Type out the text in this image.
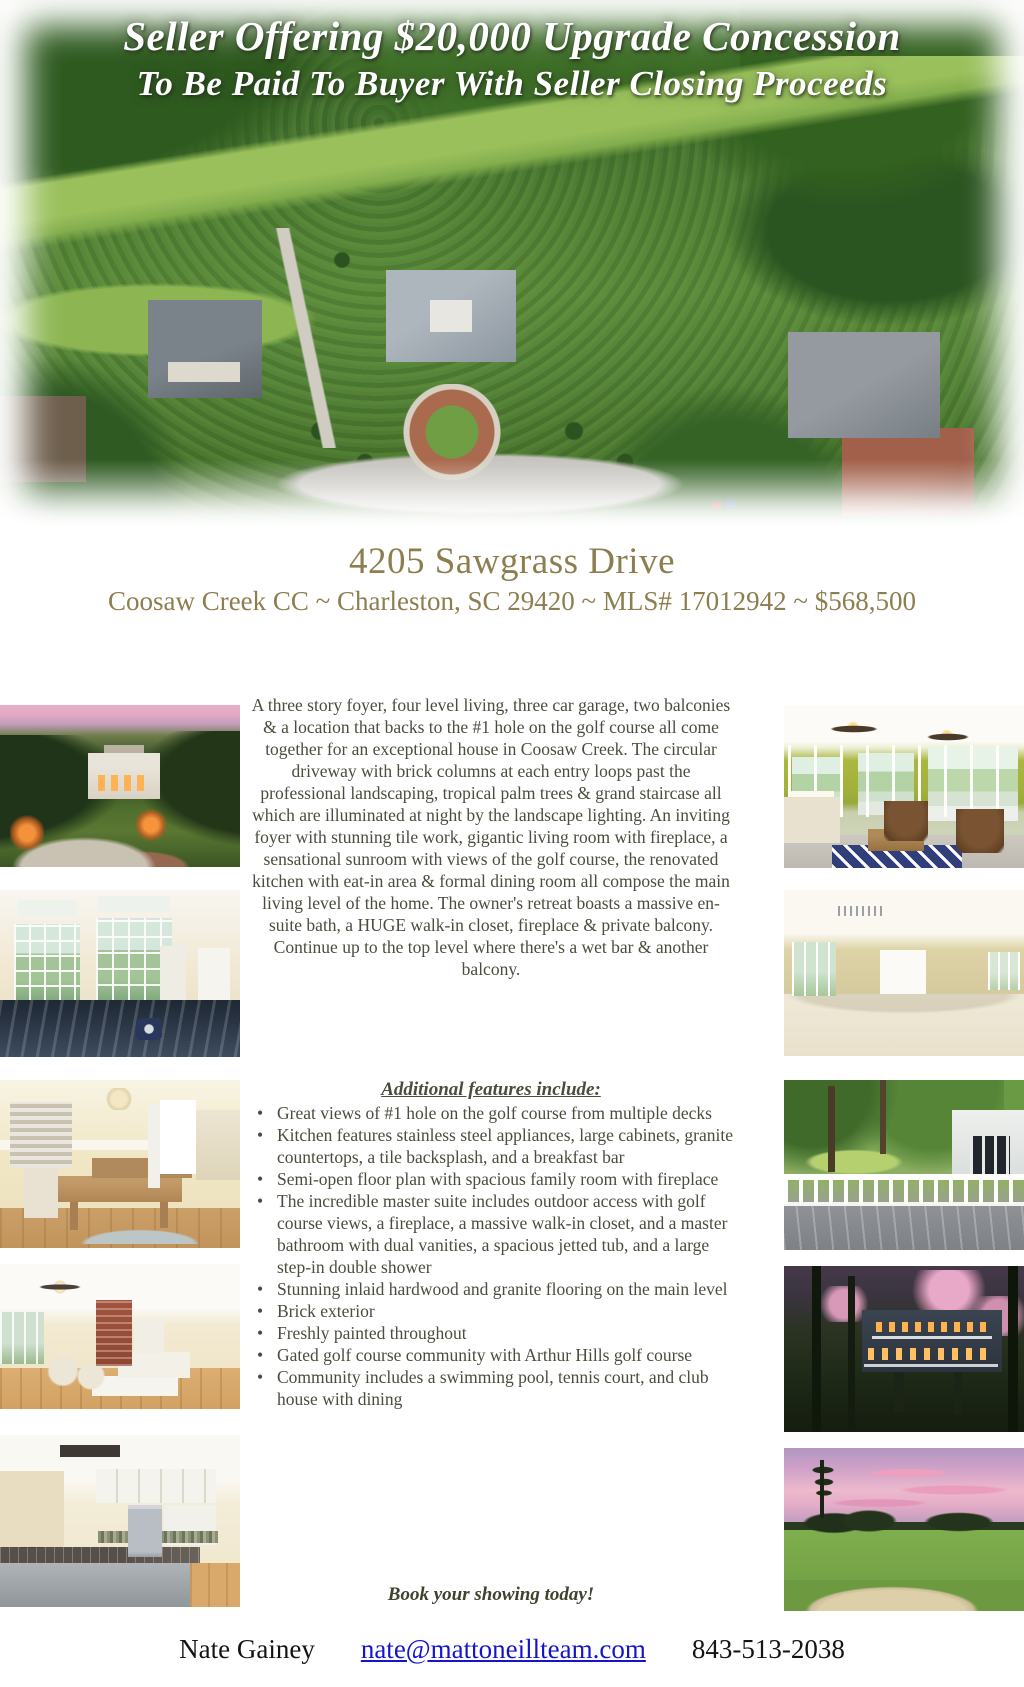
Seller Offering $20,000 Upgrade Concession
To Be Paid To Buyer With Seller Closing Proceeds
4205 Sawgrass Drive
Coosaw Creek CC ~ Charleston, SC 29420 ~ MLS# 17012942 ~ $568,500
A three story foyer, four level living, three car garage, two balconies & a location that backs to the #1 hole on the golf course all come together for an exceptional house in Coosaw Creek. The circular driveway with brick columns at each entry loops past the professional landscaping, tropical palm trees & grand staircase all which are illuminated at night by the landscape lighting. An inviting foyer with stunning tile work, gigantic living room with fireplace, a sensational sunroom with views of the golf course, the renovated kitchen with eat-in area & formal dining room all compose the main living level of the home. The owner's retreat boasts a massive en-suite bath, a HUGE walk-in closet, fireplace & private balcony. Continue up to the top level where there's a wet bar & another balcony.
Additional features include:
• Great views of #1 hole on the golf course from multiple decks
• Kitchen features stainless steel appliances, large cabinets, granite countertops, a tile backsplash, and a breakfast bar
• Semi-open floor plan with spacious family room with fireplace
• The incredible master suite includes outdoor access with golf course views, a fireplace, a massive walk-in closet, and a master bathroom with dual vanities, a spacious jetted tub, and a large step-in double shower
• Stunning inlaid hardwood and granite flooring on the main level
• Brick exterior
• Freshly painted throughout
• Gated golf course community with Arthur Hills golf course
• Community includes a swimming pool, tennis court, and club house with dining
Book your showing today!
Nate Gainey nate@mattoneillteam.com 843-513-2038
